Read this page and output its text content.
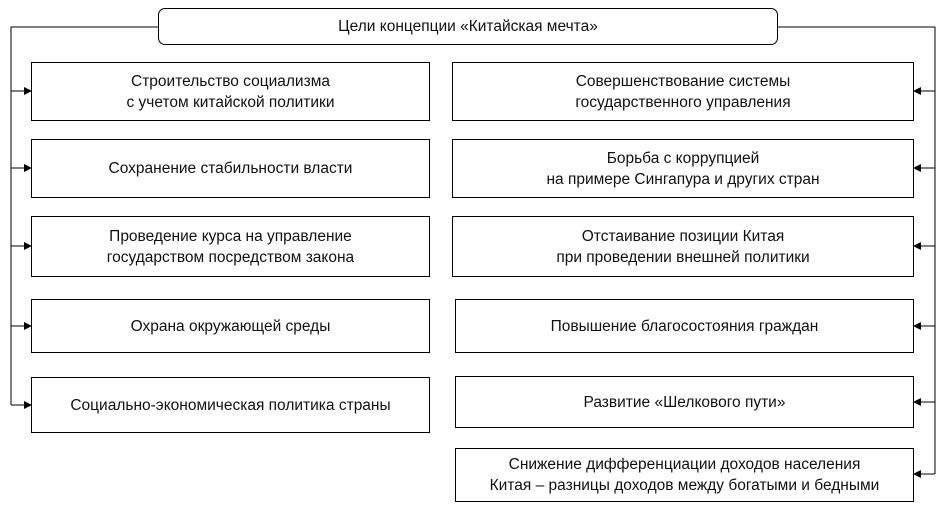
Цели концепции «Китайская мечта»
Строительство социализма
с учетом китайской политики
Сохранение стабильности власти
Проведение курса на управление
государством посредством закона
Охрана окружающей среды
Социально-экономическая политика страны
Совершенствование системы
государственного управления
Борьба с коррупцией
на примере Сингапура и других стран
Отстаивание позиции Китая
при проведении внешней политики
Повышение благосостояния граждан
Развитие «Шелкового пути»
Снижение дифференциации доходов населения
Китая – разницы доходов между богатыми и бедными
